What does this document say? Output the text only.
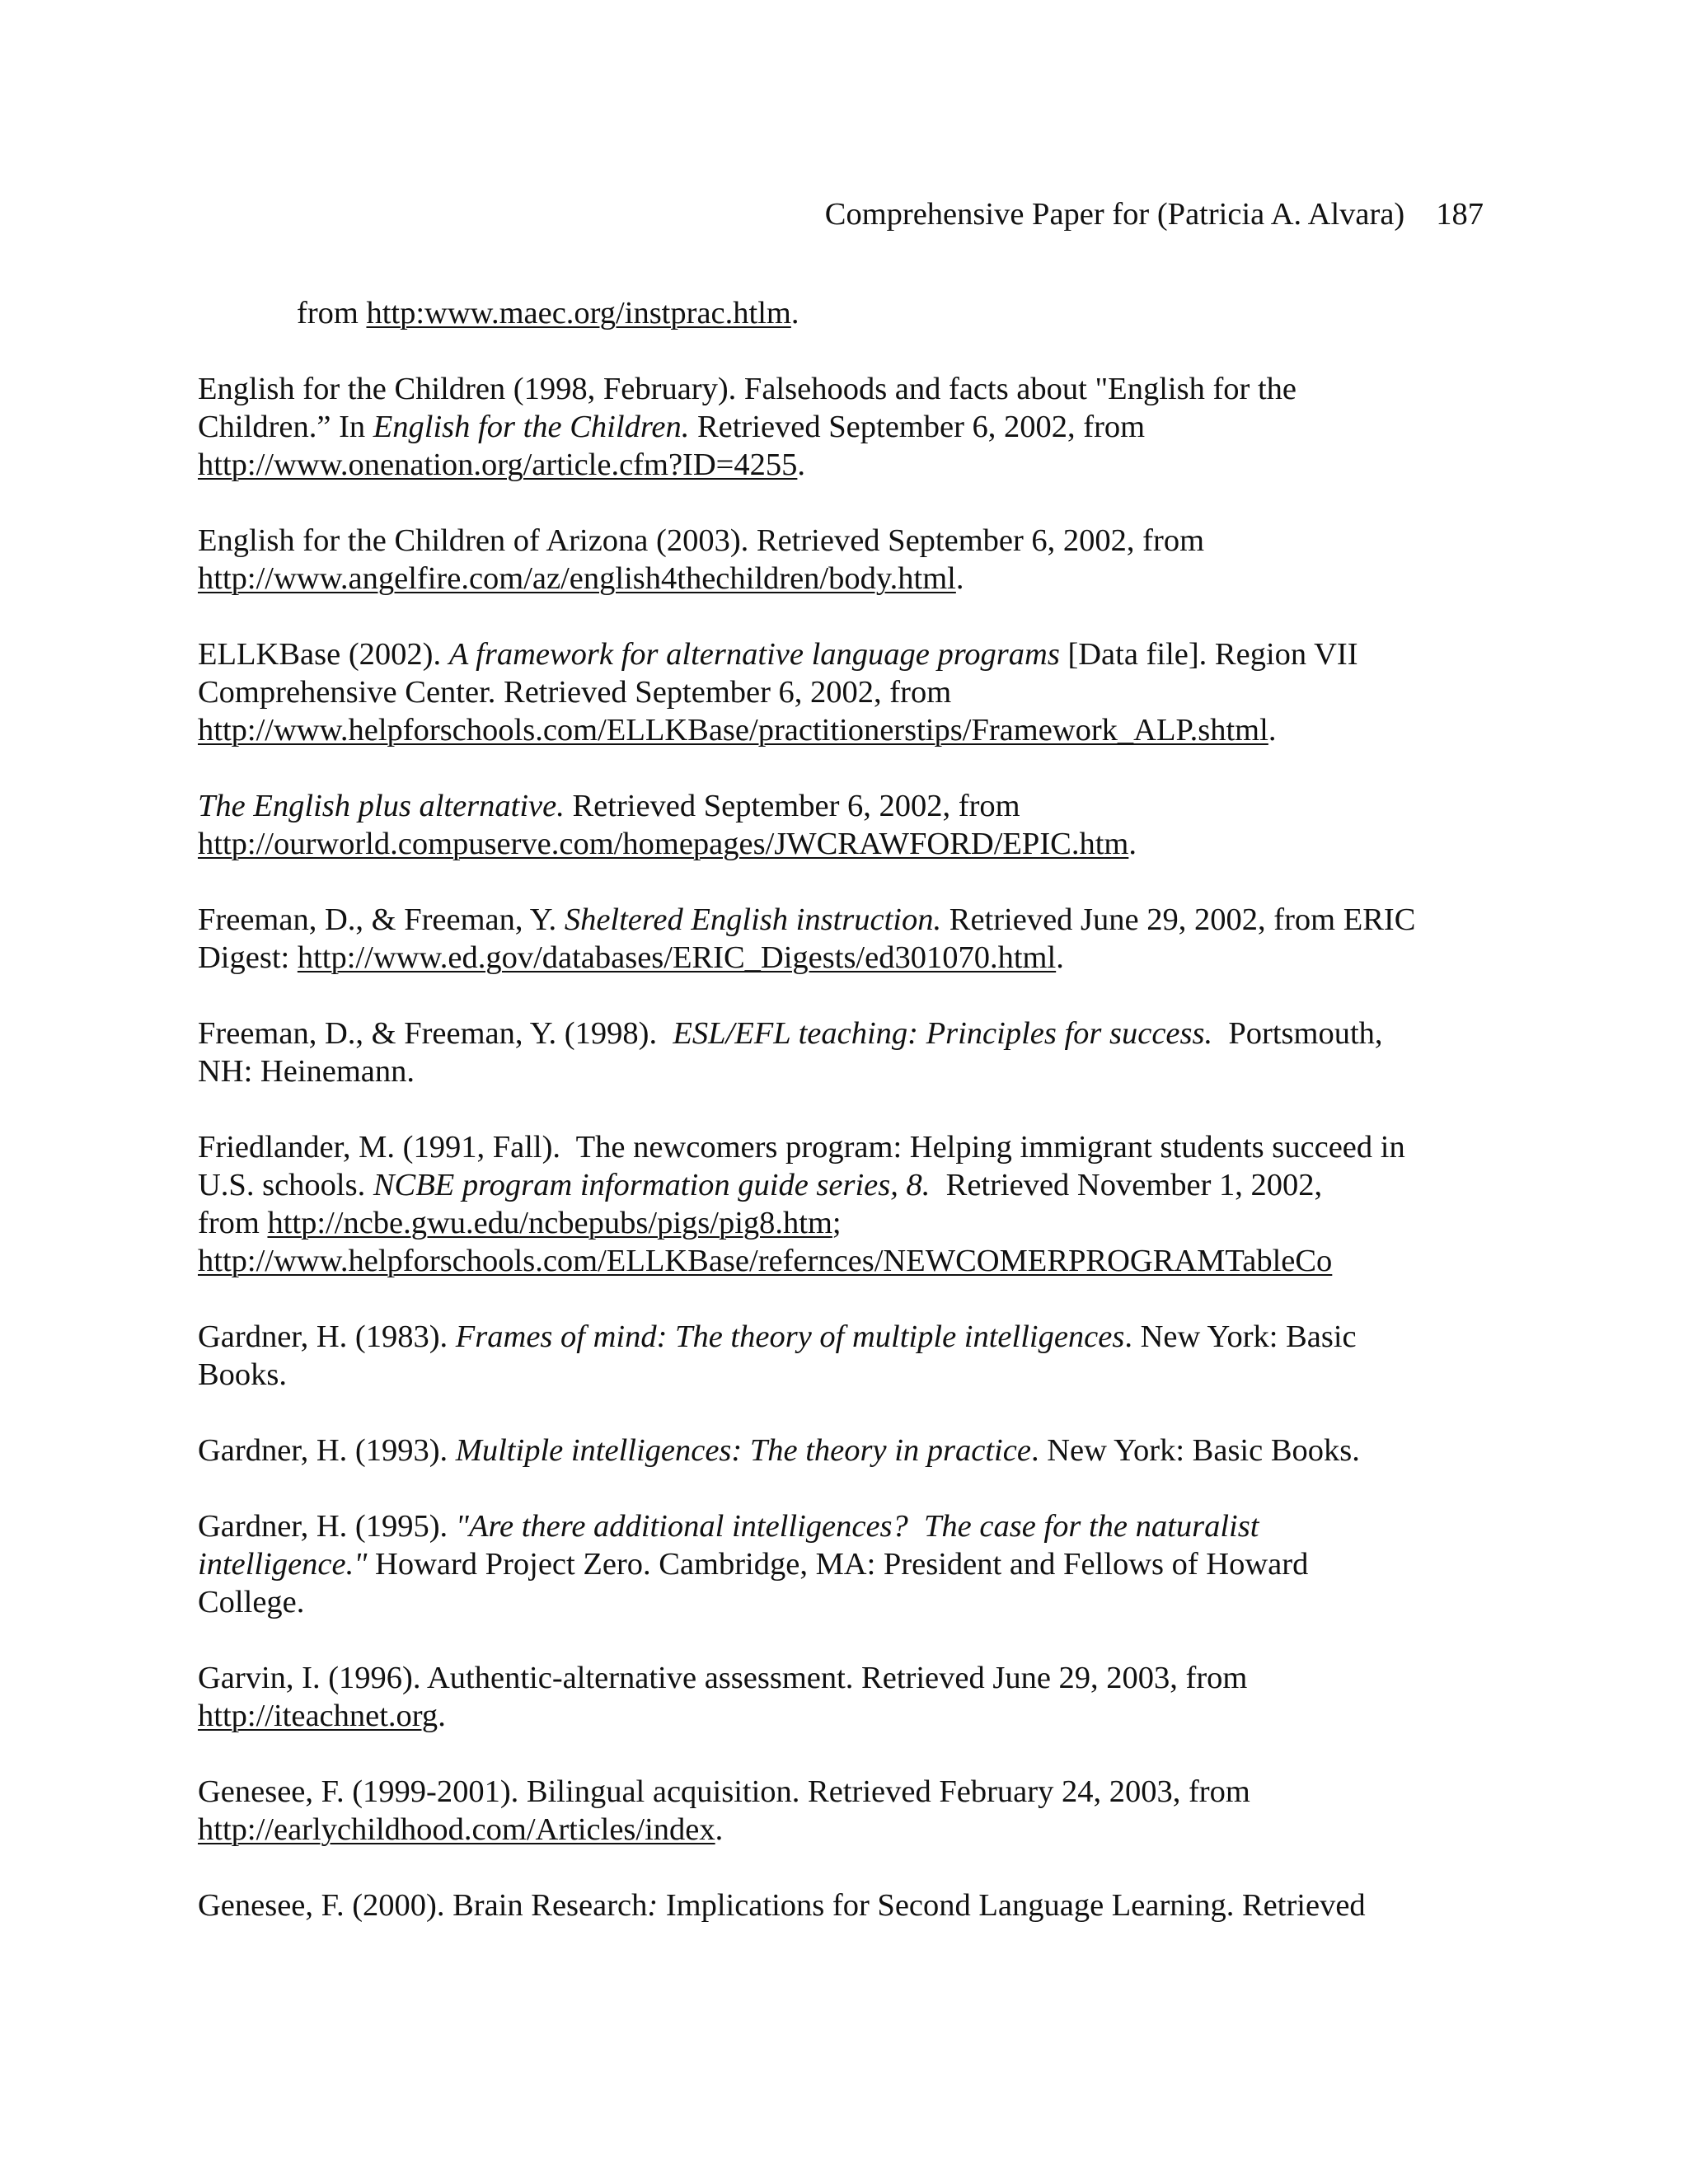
Comprehensive Paper for (Patricia A. Alvara) 187
from http:www.maec.org/instprac.htlm.
English for the Children (1998, February). Falsehoods and facts about "English for the
Children.” In English for the Children. Retrieved September 6, 2002, from
http://www.onenation.org/article.cfm?ID=4255.
English for the Children of Arizona (2003). Retrieved September 6, 2002, from
http://www.angelfire.com/az/english4thechildren/body.html.
ELLKBase (2002). A framework for alternative language programs [Data file]. Region VII
Comprehensive Center. Retrieved September 6, 2002, from
http://www.helpforschools.com/ELLKBase/practitionerstips/Framework_ALP.shtml.
The English plus alternative. Retrieved September 6, 2002, from
http://ourworld.compuserve.com/homepages/JWCRAWFORD/EPIC.htm.
Freeman, D., & Freeman, Y. Sheltered English instruction. Retrieved June 29, 2002, from ERIC
Digest: http://www.ed.gov/databases/ERIC_Digests/ed301070.html.
Freeman, D., & Freeman, Y. (1998).  ESL/EFL teaching: Principles for success.  Portsmouth,
NH: Heinemann.
Friedlander, M. (1991, Fall).  The newcomers program: Helping immigrant students succeed in
U.S. schools. NCBE program information guide series, 8.  Retrieved November 1, 2002,
from http://ncbe.gwu.edu/ncbepubs/pigs/pig8.htm;
http://www.helpforschools.com/ELLKBase/refernces/NEWCOMERPROGRAMTableCo
Gardner, H. (1983). Frames of mind: The theory of multiple intelligences. New York: Basic
Books.
Gardner, H. (1993). Multiple intelligences: The theory in practice. New York: Basic Books.
Gardner, H. (1995). "Are there additional intelligences?  The case for the naturalist
intelligence." Howard Project Zero. Cambridge, MA: President and Fellows of Howard
College.
Garvin, I. (1996). Authentic-alternative assessment. Retrieved June 29, 2003, from
http://iteachnet.org.
Genesee, F. (1999-2001). Bilingual acquisition. Retrieved February 24, 2003, from
http://earlychildhood.com/Articles/index.
Genesee, F. (2000). Brain Research: Implications for Second Language Learning. Retrieved
